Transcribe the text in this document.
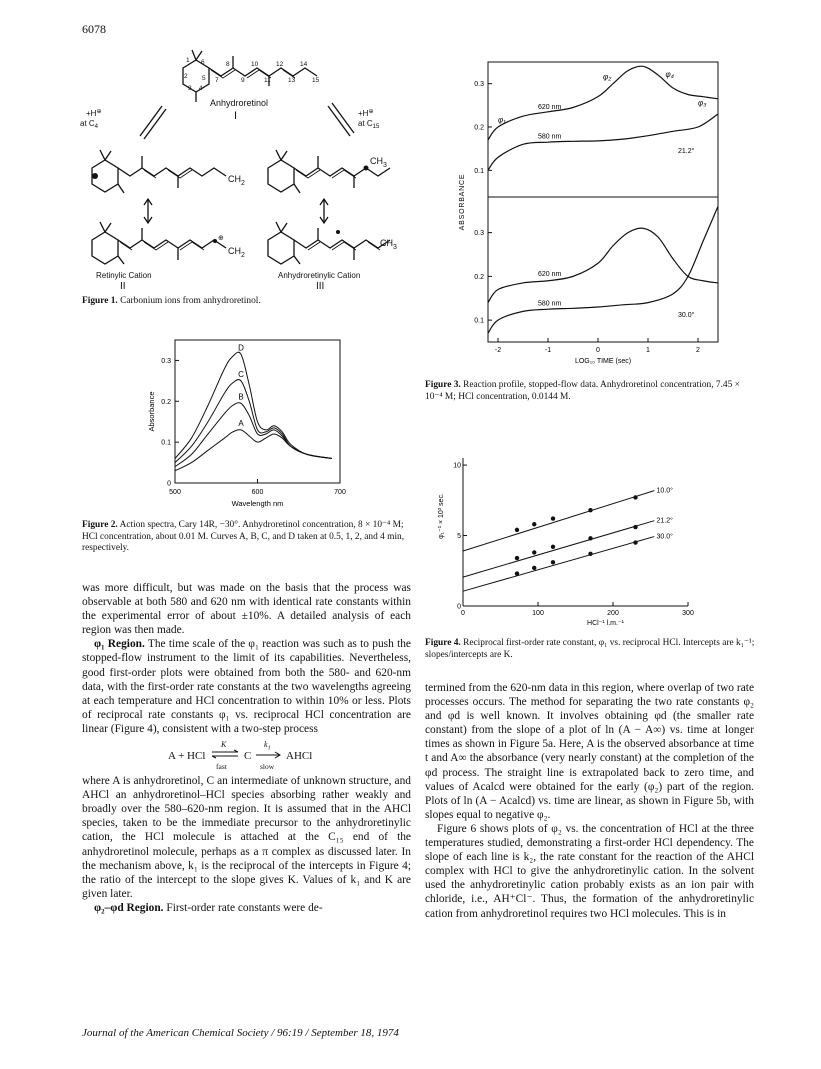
6078
1
2
3 4
5
6
7
8
9
10
11
12
13
14
15
Anhydroretinol
I
+H⊕
at $C_4$
+H⊕
at $C_{15}$
$CH_2$
$CH_2$
$CH_3$
$CH_3$
⊕
Retinylic Cation
II
Anhydroretinylic Cation
III
Figure 1. Carbonium ions from anhydroretinol.
500	600	700
0
0.1
0.2
0.3
Wavelength nm
Absorbance	A
B
C
D
Figure 2. Action spectra, Cary 14R, −30°. Anhydroretinol concentration, 8 × 10⁻⁴ M; HCl concentration, about 0.01 M. Curves A, B, C, and D taken at 0.5, 1, 2, and 4 min, respectively.
0.1
0.2
0.3
620 nm
580 nm
21.2°
φ₁
φ₂
φ₃
φ₄
0.1
0.2
0.3
620 nm
580 nm
30.0°
-2	-1	0	1	2
LOG₁₀ TIME (sec)
ABSORBANCE
Figure 3. Reaction profile, stopped-flow data. Anhydroretinol concentration, 7.45 × 10⁻⁴ M; HCl concentration, 0.0144 M.
0	100	200	300
0
5
10
HCl⁻¹ l.m.⁻¹
φ₁⁻¹ × 10³ sec.
10.0°
21.2°
30.0°
Figure 4. Reciprocal first-order rate constant, φ₁ vs. reciprocal HCl. Intercepts are k₁⁻¹; slopes/intercepts are K.

was more difficult, but was made on the basis that the process was observable at both 580 and 620 nm with identical rate constants within the experimental error of about ±10%. A detailed analysis of each region was then made.

φ₁ Region. The time scale of the φ₁ reaction was such as to push the stopped-flow instrument to the limit of its capabilities. Nevertheless, good first-order plots were obtained from both the 580- and 620-nm data, with the first-order rate constants at the two wavelengths agreeing at each temperature and HCl concentration to within 10% or less. Plots of reciprocal rate constants φ₁ vs. reciprocal HCl concentration are linear (Figure 4), consistent with a two-step process

A + HCl
K
fast
C
$k_1$
slow
AHCl

where A is anhydroretinol, C an intermediate of unknown structure, and AHCl an anhydroretinol–HCl species absorbing rather weakly and broadly over the 580–620-nm region. It is assumed that in the AHCl species, taken to be the immediate precursor to the anhydroretinylic cation, the HCl molecule is attached at the C₁₅ end of the anhydroretinol molecule, perhaps as a π complex as discussed later. In the mechanism above, k₁ is the reciprocal of the intercepts in Figure 4; the ratio of the intercept to the slope gives K. Values of k₁ and K are given later.

φ₂–φd Region. First-order rate constants were de-

termined from the 620-nm data in this region, where overlap of two rate processes occurs. The method for separating the two rate constants φ₂ and φd is well known. It involves obtaining φd (the smaller rate constant) from the slope of a plot of ln (A − A∞) vs. time at longer times as shown in Figure 5a. Here, A is the observed absorbance at time t and A∞ the absorbance (very nearly constant) at the completion of the φd process. The straight line is extrapolated back to zero time, and values of Acalcd were obtained for the early (φ₂) part of the region. Plots of ln (A − Acalcd) vs. time are linear, as shown in Figure 5b, with slopes equal to negative φ₂.

Figure 6 shows plots of φ₂ vs. the concentration of HCl at the three temperatures studied, demonstrating a first-order HCl dependency. The slope of each line is k₂, the rate constant for the reaction of the AHCl complex with HCl to give the anhydroretinylic cation. In the solvent used the anhydroretinylic cation probably exists as an ion pair with chloride, i.e., AH⁺Cl⁻. Thus, the formation of the anhydroretinylic cation from anhydroretinol requires two HCl molecules. This is in

Journal of the American Chemical Society / 96:19 / September 18, 1974
